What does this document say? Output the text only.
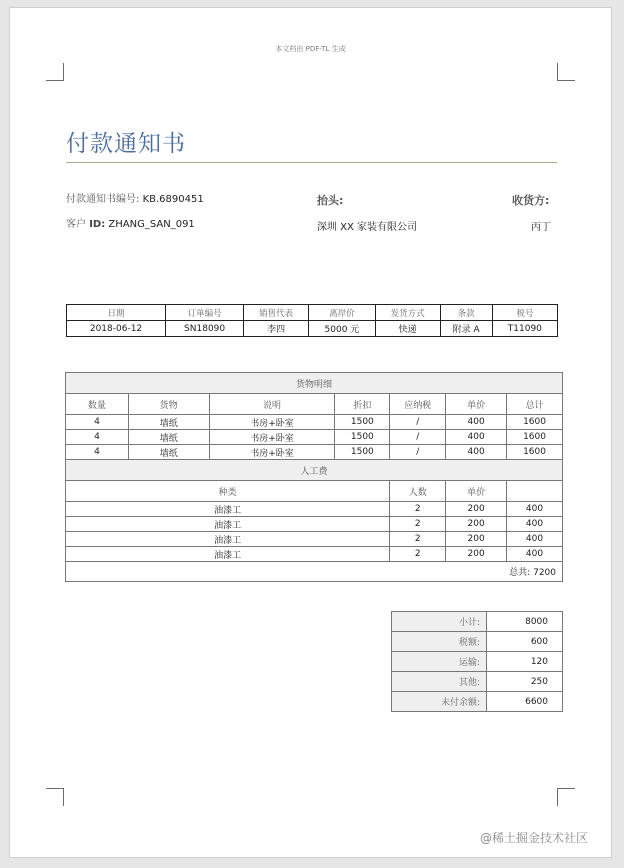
本文档由 PDF-TL 生成
付款通知书
付款通知书编号: KB.6890451
客户 ID: ZHANG_SAN_091
抬头:
深圳 XX 家装有限公司
收货方:
丙丁
日期	订单编号	销售代表	离岸价	发货方式	条款	税号
2018-06-12	SN18090	李四	5000 元	快递	附录 A	T11090
货物明细						
数量	货物	说明	折扣	应纳税	单价	总计
4	墙纸	书房+卧室	1500	/	400	1600
4	墙纸	书房+卧室	1500	/	400	1600
4	墙纸	书房+卧室	1500	/	400	1600
人工费						
种类				人数	单价	
油漆工				2	200	400
油漆工				2	200	400
油漆工				2	200	400
油漆工				2	200	400
总共: 7200						
小计:	8000
税额:	600
运输:	120
其他:	250
未付余额:	6600
@稀土掘金技术社区
